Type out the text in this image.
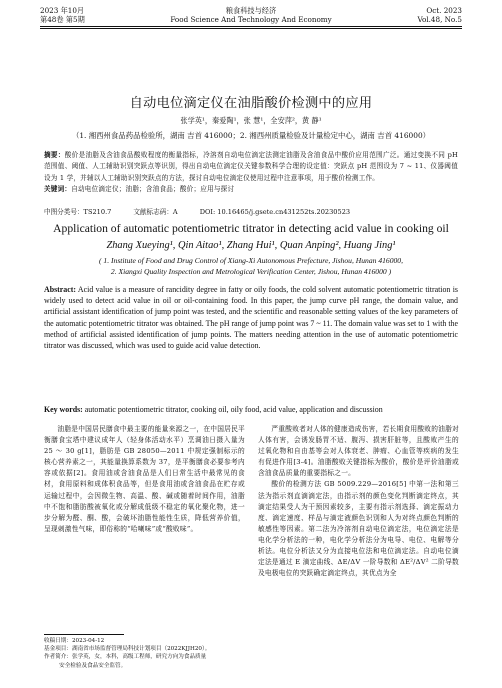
2023 年10月
第48卷 第5期
粮食科技与经济
Food Science And Technology And Economy
Oct. 2023
Vol.48, No.5
自动电位滴定仪在油脂酸价检测中的应用
张学英¹，秦爱陶¹，张 慧¹，全安萍²，黄 静¹
（1. 湘西州食品药品检验所，湖南 吉首 416000；2. 湘西州质量检验及计量检定中心，湖南 吉首 416000）
摘要：酸价是油脂及含油食品酸败程度的衡量指标，冷溶剂自动电位滴定法测定油脂及含油食品中酸价应用范围广泛。通过变换不同 pH 范围值、阈值、人工辅助识别突跃点等识别，得出自动电位滴定仪关键参数科学合理的设定值：突跃点 pH 范围设为 7 ~ 11、仪器阈值设为 1 学，并辅以人工辅助识别突跃点的方法，探讨自动电位滴定仪使用过程中注意事项，用于酸价检测工作。
关键词：自动电位滴定仪；油脂；含油食品；酸价；应用与探讨
中图分类号：TS210.7	文献标志码：A	DOI: 10.16465/j.gsete.cn431252ts.20230523
Application of automatic potentiometric titrator in detecting acid value in cooking oil
Zhang Xueying¹, Qin Aitao¹, Zhang Hui¹, Quan Anping², Huang Jing¹
( 1. Institute of Food and Drug Control of Xiang-Xi Autonomous Prefecture, Jishou, Hunan 416000,
2. Xiangxi Quality Inspection and Metrological Verification Center, Jishou, Hunan 416000 )
Abstract: Acid value is a measure of rancidity degree in fatty or oily foods, the cold solvent automatic potentiometric titration is widely used to detect acid value in oil or oil-containing food. In this paper, the jump curve pH range, the domain value, and artificial assistant identification of jump point was tested, and the scientific and reasonable setting values of the key parameters of the automatic potentiometric titrator was obtained. The pH range of jump point was 7 ~ 11. The domain value was set to 1 with the method of artificial assisted identification of jump points. The matters needing attention in the use of automatic potentiometric titrator was discussed, which was used to guide acid value detection.
Key words: automatic potentiometric titrator, cooking oil, oily food, acid value, application and discussion

油脂是中国居民膳食中最主要的能量来源之一，在中国居民平衡膳食宝塔中建议成年人（轻身体活动水平）烹调油日摄入量为 25 ～ 30 g[1]，脂肪是 GB 28050—2011 中规定强制标示的核心营养素之一，其能量换算系数为 37，是平衡膳食必要参考内容或依据[2]。食用油或含油食品是人们日常生活中最常见的食材，食用原料和成体积食品等，但是食用油或含油食品在贮存或运输过程中，会因微生物、高温、酸、碱或随着时间作用，油脂中不饱和脂肪酸被氧化或分解成低级不稳定的氧化聚化物，进一步分解为醛、酮、酸，会破坏油脂性能性生质，降低营养价值，呈现刺激性气味，即俗称的“哈喇味”或“酸败味”。

严重酸败者对人体的健康造成伤害，若长期食用酸败的油脂对人体有害，会诱发肠胃不适、腹泻、损害肝脏等，且酸败产生的过氧化物和自由基等会对人体衰老、肿瘤、心血管等疾病的发生有促进作用[3-4]。油脂酸败关键指标为酸价，酸价是评价油脂或含油食品质量的重要指标之一。

酸价的检测方法 GB 5009.229—2016[5] 中第一法和第三法为指示剂直滴滴定法，由指示剂的颜色变化判断滴定终点，其滴定结果受人为干预因素较多，主要有指示剂选择、滴定振动力度、滴定速度、样品与滴定液颜色识别和人为对终点颜色判断的敏感性等因素。第二法为冷溶剂自动电位滴定法，电位滴定法是电化学分析法的一种，电化学分析法分为电导、电位、电解等分析法。电位分析法又分为直接电位法和电位滴定法。自动电位滴定法是通过 E 滴定曲线、ΔE/ΔV 一阶导数和 ΔE²/ΔV² 二阶导数及电极电位的突跃确定滴定终点，其优点为全

收稿日期：2023-04-12
基金项目：湖南省市场监督管理局科技计划项目（2022KJJH20）。
作者简介：张学英，女，本科，高级工程师，研究方向为食品质量
安全检验及食品安全监管。
